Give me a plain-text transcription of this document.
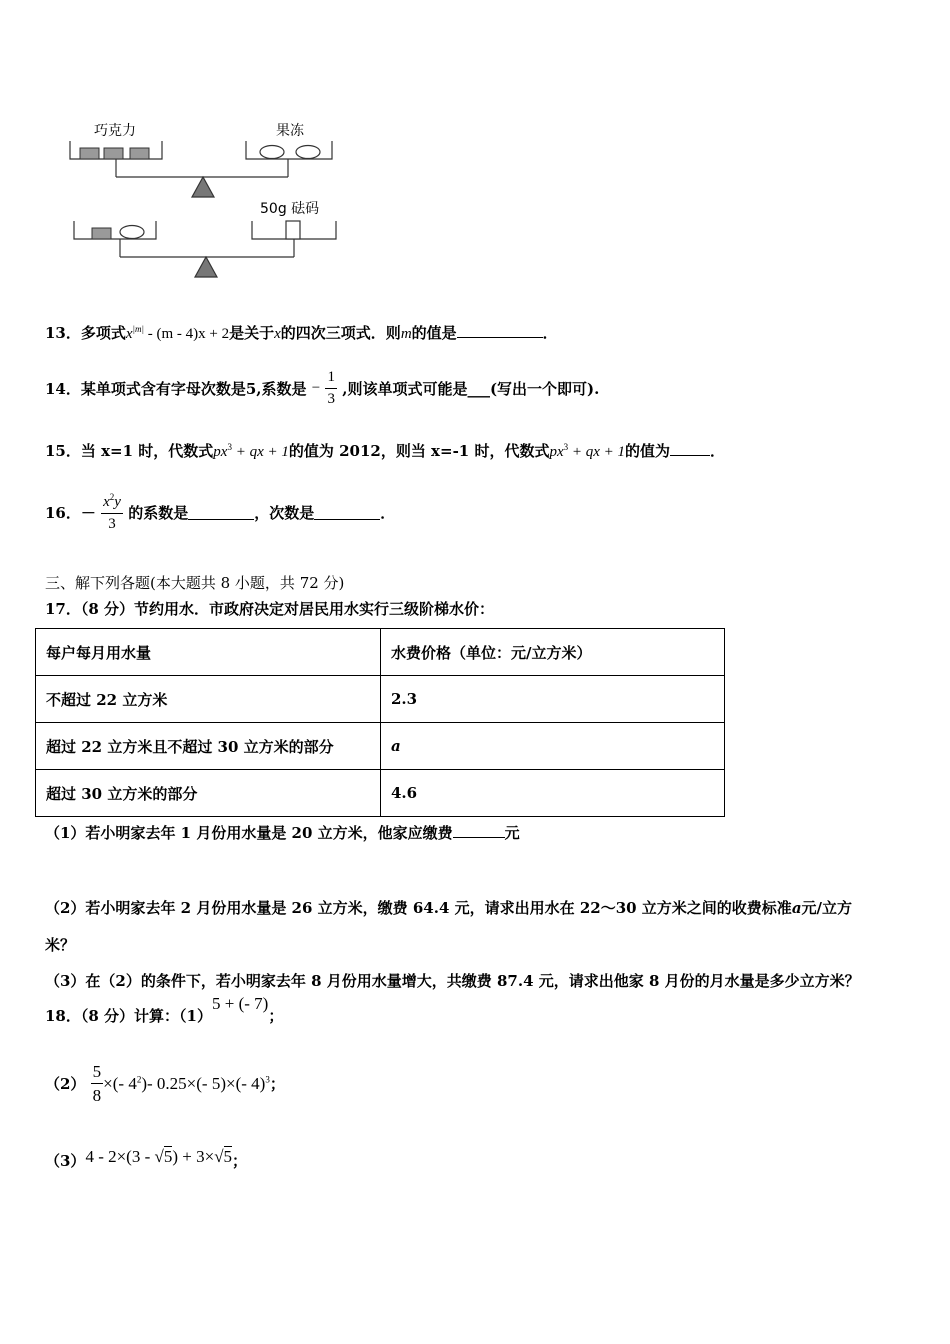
巧克力	果冻
50g 砝码
13．多项式$x^{|m|} - (m - 4)x + 2$是关于x的四次三项式．则m的值是	．
14．某单项式含有字母次数是5,系数是 − $\frac{1}{3}$ ,则该单项式可能是___(写出一个即可).
15．当 x=1 时，代数式$px^3$ + qx + 1的值为 2012，则当 x=-1 时，代数式$px^3$ + qx + 1的值为	．
16．－ $\frac{x^2y}{3}$ 的系数是	，次数是	．
三、解下列各题(本大题共 8 小题，共 72 分)
17．（8 分）节约用水．市政府决定对居民用水实行三级阶梯水价：
每户每月用水量	水费价格（单位：元/立方米）
不超过 22 立方米	2.3
超过 22 立方米且不超过 30 立方米的部分	a
超过 30 立方米的部分	4.6
（1）若小明家去年 1 月份用水量是 20 立方米，他家应缴费	元
（2）若小明家去年 2 月份用水量是 26 立方米，缴费 64.4 元，请求出用水在 22～30 立方米之间的收费标准a元/立方
米？
（3）在（2）的条件下，若小明家去年 8 月份用水量增大，共缴费 87.4 元，请求出他家 8 月份的月水量是多少立方米？
18．（8 分）计算：（1）5 + (- 7)；
$(2) \frac{5}{8}$ ×(- $4^2)-$ 0.25×(- 5)×(- 4)$^3$；
（3）4 - 2×(3 - √5) + 3×√5；
